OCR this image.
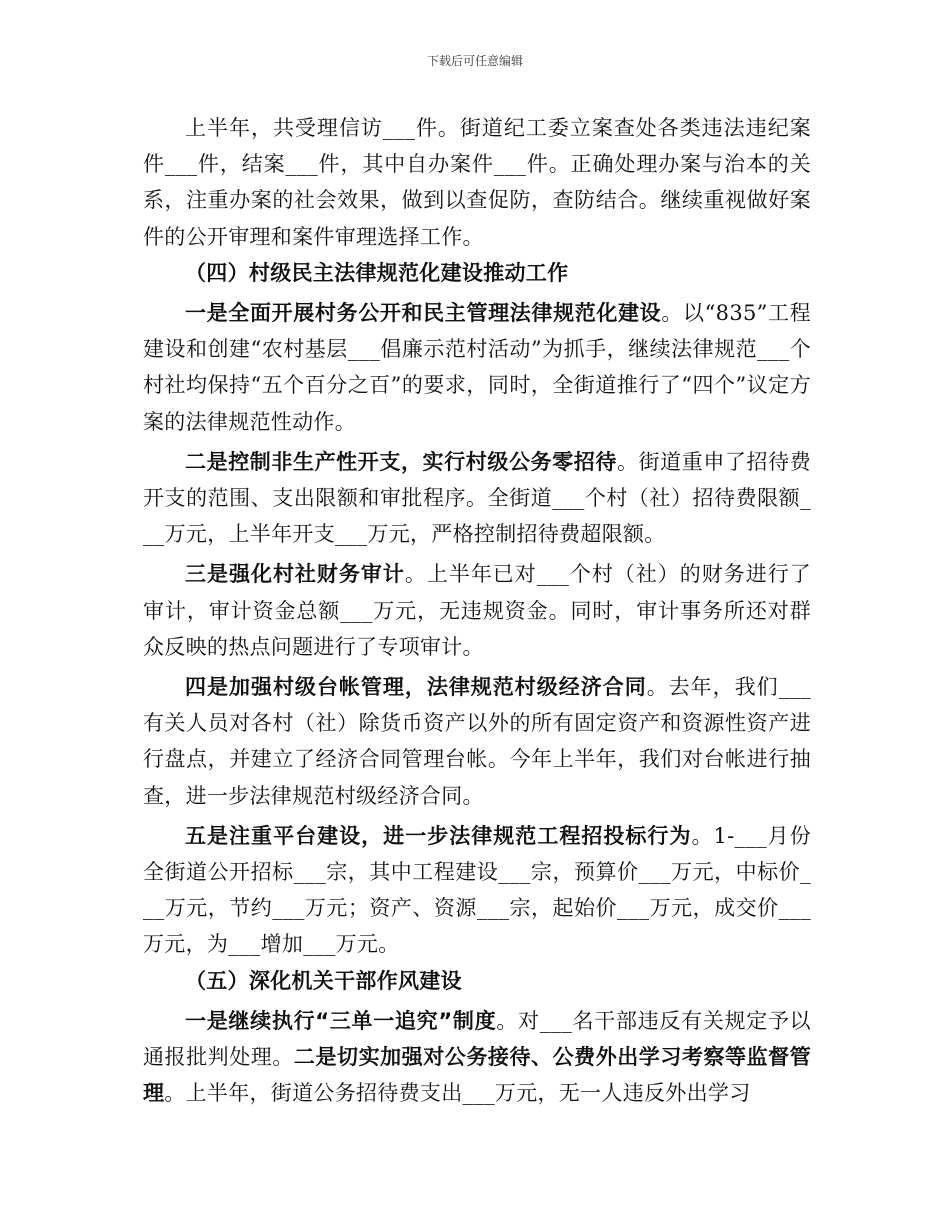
下载后可任意编辑

上半年，共受理信访___件。街道纪工委立案查处各类违法违纪案件___件，结案___件，其中自办案件___件。正确处理办案与治本的关系，注重办案的社会效果，做到以查促防，查防结合。继续重视做好案件的公开审理和案件审理选择工作。

（四）村级民主法律规范化建设推动工作

一是全面开展村务公开和民主管理法律规范化建设。以“835”工程建设和创建“农村基层___倡廉示范村活动”为抓手，继续法律规范___个村社均保持“五个百分之百”的要求，同时，全街道推行了“四个”议定方案的法律规范性动作。

二是控制非生产性开支，实行村级公务零招待。街道重申了招待费开支的范围、支出限额和审批程序。全街道___个村（社）招待费限额___万元，上半年开支___万元，严格控制招待费超限额。

三是强化村社财务审计。上半年已对___个村（社）的财务进行了审计，审计资金总额___万元，无违规资金。同时，审计事务所还对群众反映的热点问题进行了专项审计。

四是加强村级台帐管理，法律规范村级经济合同。去年，我们___有关人员对各村（社）除货币资产以外的所有固定资产和资源性资产进行盘点，并建立了经济合同管理台帐。今年上半年，我们对台帐进行抽查，进一步法律规范村级经济合同。

五是注重平台建设，进一步法律规范工程招投标行为。1-___月份全街道公开招标___宗，其中工程建设___宗，预算价___万元，中标价___万元，节约___万元；资产、资源___宗，起始价___万元，成交价___万元，为___增加___万元。

（五）深化机关干部作风建设

一是继续执行“三单一追究”制度。对___名干部违反有关规定予以通报批判处理。二是切实加强对公务接待、公费外出学习考察等监督管理。上半年，街道公务招待费支出___万元，无一人违反外出学习
